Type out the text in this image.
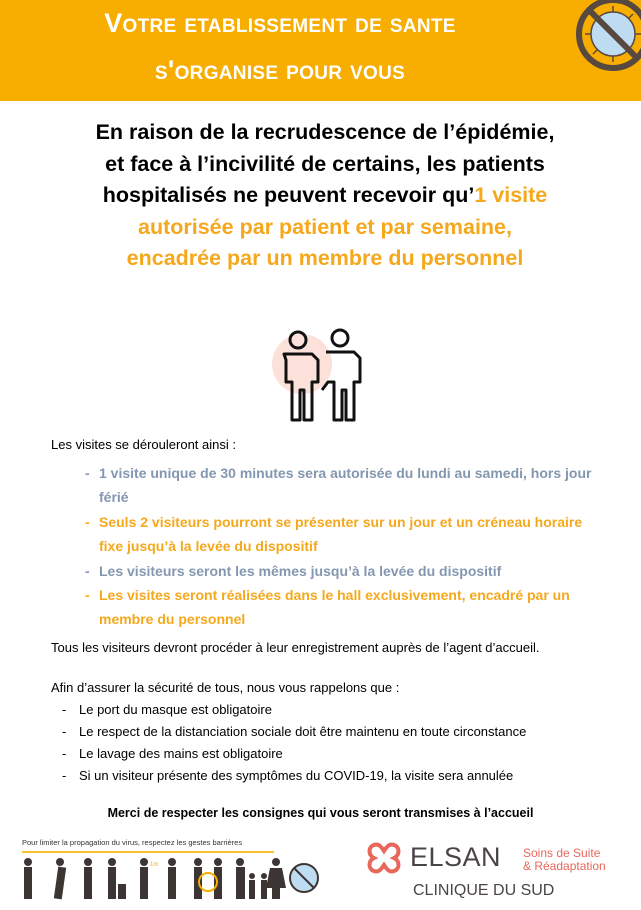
Votre etablissement de sante
s'organise pour vous
En raison de la recrudescence de l’épidémie,
et face à l’incivilité de certains, les patients
hospitalisés ne peuvent recevoir qu’1 visite
autorisée par patient et par semaine,
encadrée par un membre du personnel
Les visites se dérouleront ainsi :
- 1 visite unique de 30 minutes sera autorisée du lundi au samedi, hors jour férié
- Seuls 2 visiteurs pourront se présenter sur un jour et un créneau horaire fixe jusqu’à la levée du dispositif
- Les visiteurs seront les mêmes jusqu’à la levée du dispositif
- Les visites seront réalisées dans le hall exclusivement, encadré par un membre du personnel
Tous les visiteurs devront procéder à leur enregistrement auprès de l’agent d’accueil.
Afin d’assurer la sécurité de tous, nous vous rappelons que :
- Le port du masque est obligatoire
- Le respect de la distanciation sociale doit être maintenu en toute circonstance
- Le lavage des mains est obligatoire
- Si un visiteur présente des symptômes du COVID-19, la visite sera annulée
Merci de respecter les consignes qui vous seront transmises à l’accueil
Pour limiter la propagation du virus, respectez les gestes barrières
1m	ELSAN Soins de Suite
& Réadaptation
CLINIQUE DU SUD
